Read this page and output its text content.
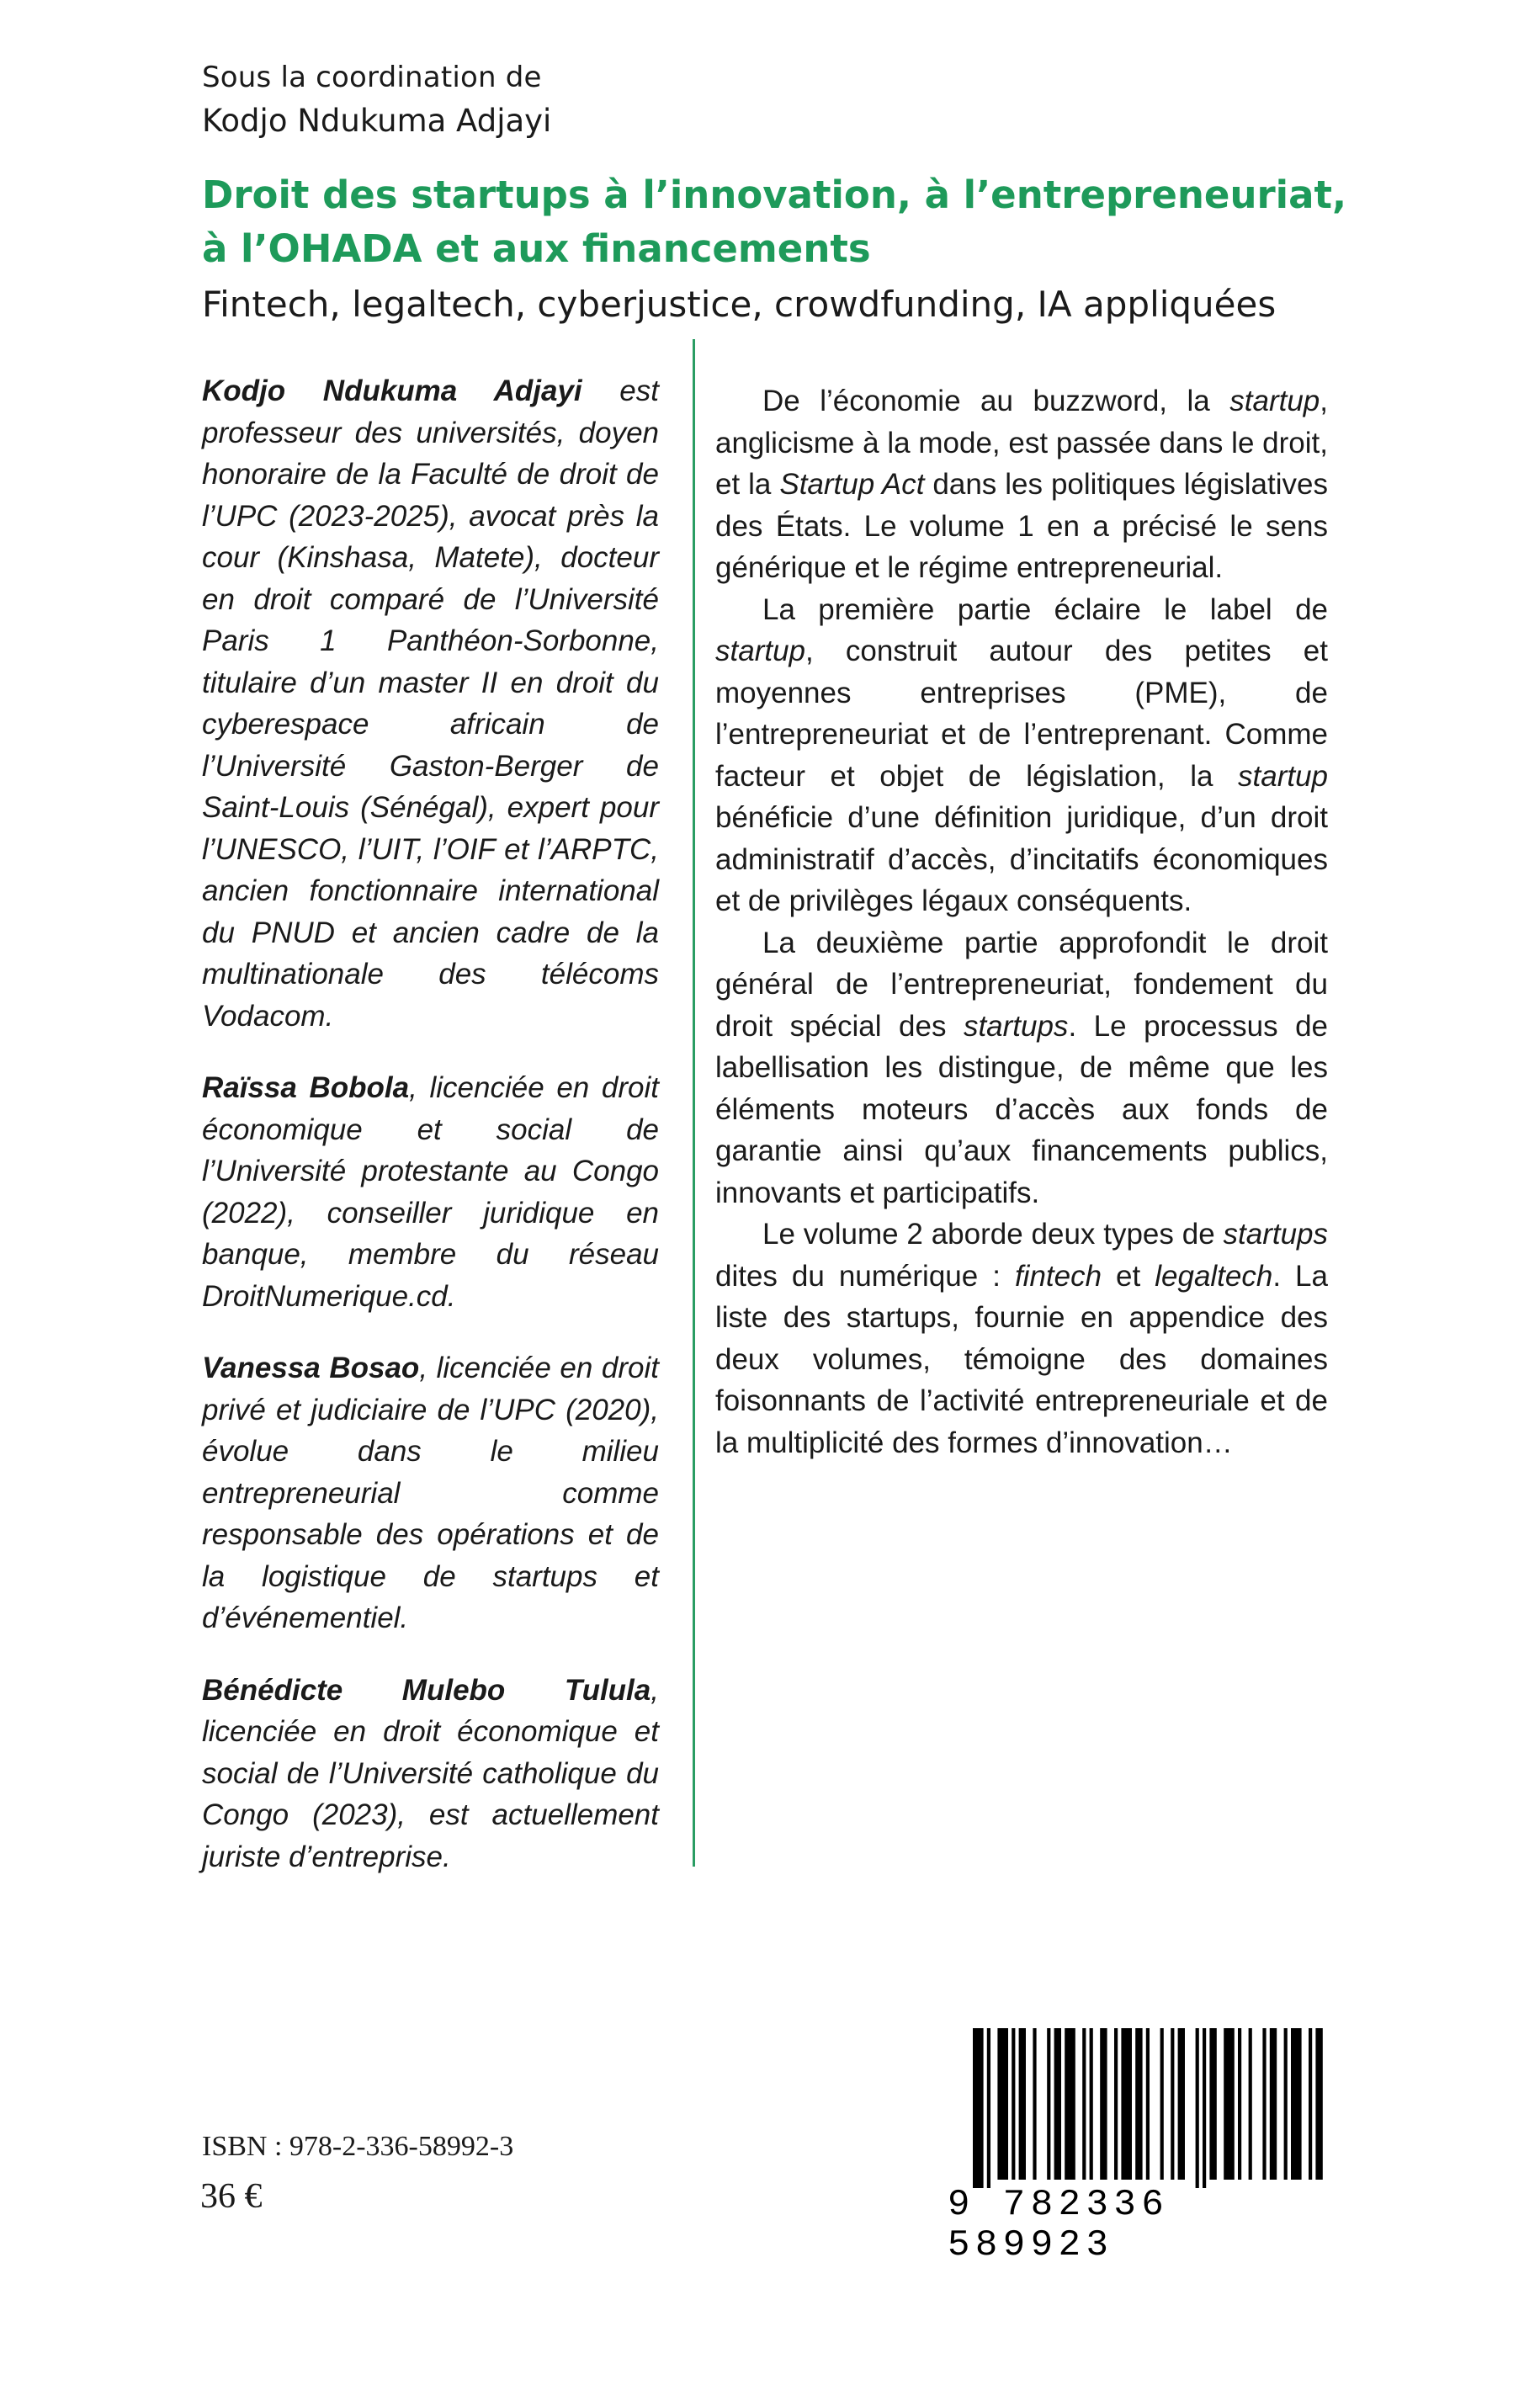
Sous la coordination de
Kodjo Ndukuma Adjayi
Droit des startups à l’innovation, à l’entrepreneuriat,
à l’OHADA et aux financements
Fintech, legaltech, cyberjustice, crowdfunding, IA appliquées

Kodjo Ndukuma Adjayi est professeur des universités, doyen honoraire de la Faculté de droit de l’UPC (2023-2025), avocat près la cour (Kinshasa, Matete), docteur en droit comparé de l’Université Paris 1 Panthéon-Sorbonne, titulaire d’un master II en droit du cyberespace africain de l’Université Gaston-Berger de Saint-Louis (Sénégal), expert pour l’UNESCO, l’UIT, l’OIF et l’ARPTC, ancien fonctionnaire international du PNUD et ancien cadre de la multinationale des télécoms Vodacom.

Raïssa Bobola, licenciée en droit économique et social de l’Université protestante au Congo (2022), conseiller juridique en banque, membre du réseau DroitNumerique.cd.

Vanessa Bosao, licenciée en droit privé et judiciaire de l’UPC (2020), évolue dans le milieu entrepreneurial comme responsable des opérations et de la logistique de startups et d’événementiel.

Bénédicte Mulebo Tulula, licenciée en droit économique et social de l’Université catholique du Congo (2023), est actuellement juriste d’entreprise.

De l’économie au buzzword, la startup, anglicisme à la mode, est passée dans le droit, et la Startup Act dans les politiques législatives des États. Le volume 1 en a précisé le sens générique et le régime entrepreneurial.

La première partie éclaire le label de startup, construit autour des petites et moyennes entreprises (PME), de l’entrepreneuriat et de l’entreprenant. Comme facteur et objet de législation, la startup bénéficie d’une définition juridique, d’un droit administratif d’accès, d’incitatifs économiques et de privilèges légaux conséquents.

La deuxième partie approfondit le droit général de l’entrepreneuriat, fondement du droit spécial des startups. Le processus de labellisation les distingue, de même que les éléments moteurs d’accès aux fonds de garantie ainsi qu’aux financements publics, innovants et participatifs.

Le volume 2 aborde deux types de startups dites du numérique : fintech et legaltech. La liste des startups, fournie en appendice des deux volumes, témoigne des domaines foisonnants de l’activité entrepreneuriale et de la multiplicité des formes d’innovation…

ISBN : 978-2-336-58992-3
36 €	9 782336 589923
